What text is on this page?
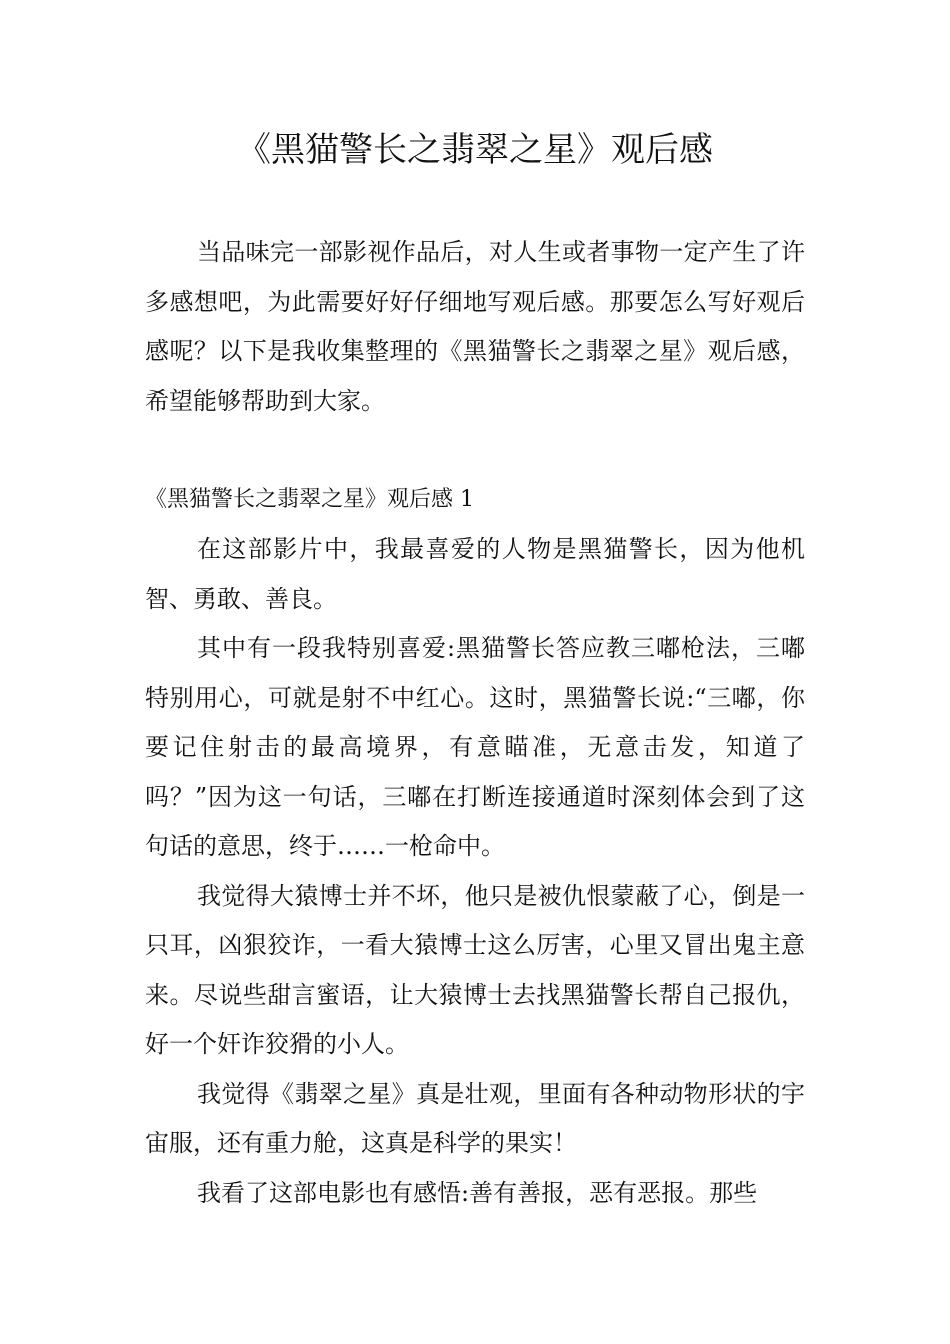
《黑猫警长之翡翠之星》观后感

当品味完一部影视作品后，对人生或者事物一定产生了许多感想吧，为此需要好好仔细地写观后感。那要怎么写好观后感呢？以下是我收集整理的《黑猫警长之翡翠之星》观后感，希望能够帮助到大家。

《黑猫警长之翡翠之星》观后感 1

在这部影片中，我最喜爱的人物是黑猫警长，因为他机智、勇敢、善良。

其中有一段我特别喜爱:黑猫警长答应教三嘟枪法，三嘟特别用心，可就是射不中红心。这时，黑猫警长说:“三嘟，你要记住射击的最高境界，有意瞄准，无意击发，知道了吗？”因为这一句话，三嘟在打断连接通道时深刻体会到了这句话的意思，终于……一枪命中。

我觉得大猿博士并不坏，他只是被仇恨蒙蔽了心，倒是一只耳，凶狠狡诈，一看大猿博士这么厉害，心里又冒出鬼主意来。尽说些甜言蜜语，让大猿博士去找黑猫警长帮自己报仇，好一个奸诈狡猾的小人。

我觉得《翡翠之星》真是壮观，里面有各种动物形状的宇宙服，还有重力舱，这真是科学的果实！

我看了这部电影也有感悟:善有善报，恶有恶报。那些
